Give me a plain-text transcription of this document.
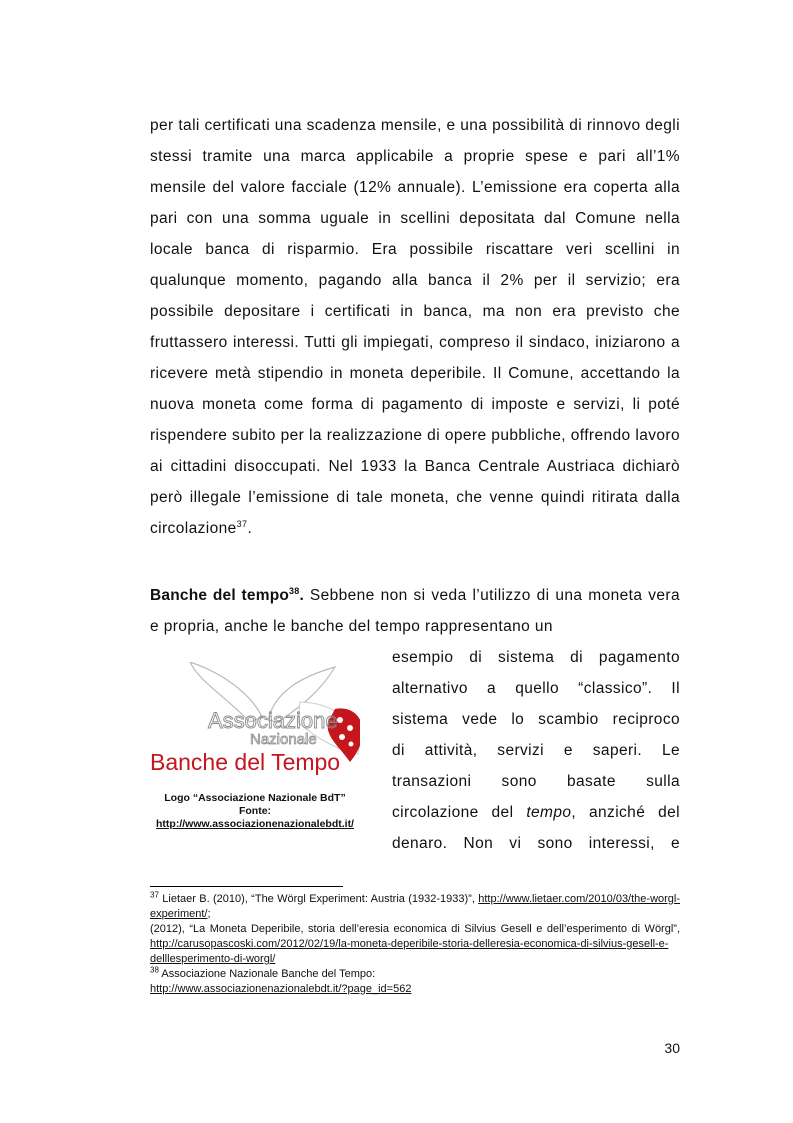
per tali certificati una scadenza mensile, e una possibilità di rinnovo degli stessi tramite una marca applicabile a proprie spese e pari all’1% mensile del valore facciale (12% annuale). L’emissione era coperta alla pari con una somma uguale in scellini depositata dal Comune nella locale banca di risparmio. Era possibile riscattare veri scellini in qualunque momento, pagando alla banca il 2% per il servizio; era possibile depositare i certificati in banca, ma non era previsto che fruttassero interessi. Tutti gli impiegati, compreso il sindaco, iniziarono a ricevere metà stipendio in moneta deperibile. Il Comune, accettando la nuova moneta come forma di pagamento di imposte e servizi, li poté rispendere subito per la realizzazione di opere pubbliche, offrendo lavoro ai cittadini disoccupati. Nel 1933 la Banca Centrale Austriaca dichiarò però illegale l’emissione di tale moneta, che venne quindi ritirata dalla circolazione$^{37}$.
Banche del tempo$^{38}$. Sebbene non si veda l’utilizzo di una moneta vera e propria, anche le banche del tempo rappresentano un
Associazione
Nazionale
Banche del Tempo
Logo “Associazione Nazionale BdT”
Fonte:
http://www.associazionenazionalebdt.it/
esempio di sistema di pagamento
alternativo a quello “classico”. Il
sistema vede lo scambio reciproco
di attività, servizi e saperi. Le
transazioni sono basate sulla
circolazione del tempo, anziché del
denaro. Non vi sono interessi, e
$^{37}$ Lietaer B. (2010), “The Wörgl Experiment: Austria (1932-1933)”, http://www.lietaer.com/2010/03/the-worgl-experiment/;
(2012), “La Moneta Deperibile, storia dell’eresia economica di Silvius Gesell e dell’esperimento di Wörgl”, http://carusopascoski.com/2012/02/19/la-moneta-deperibile-storia-delleresia-economica-di-silvius-gesell-e-delllesperimento-di-worgl/
$^{38}$ Associazione Nazionale Banche del Tempo:
http://www.associazionenazionalebdt.it/?page_id=562
30
